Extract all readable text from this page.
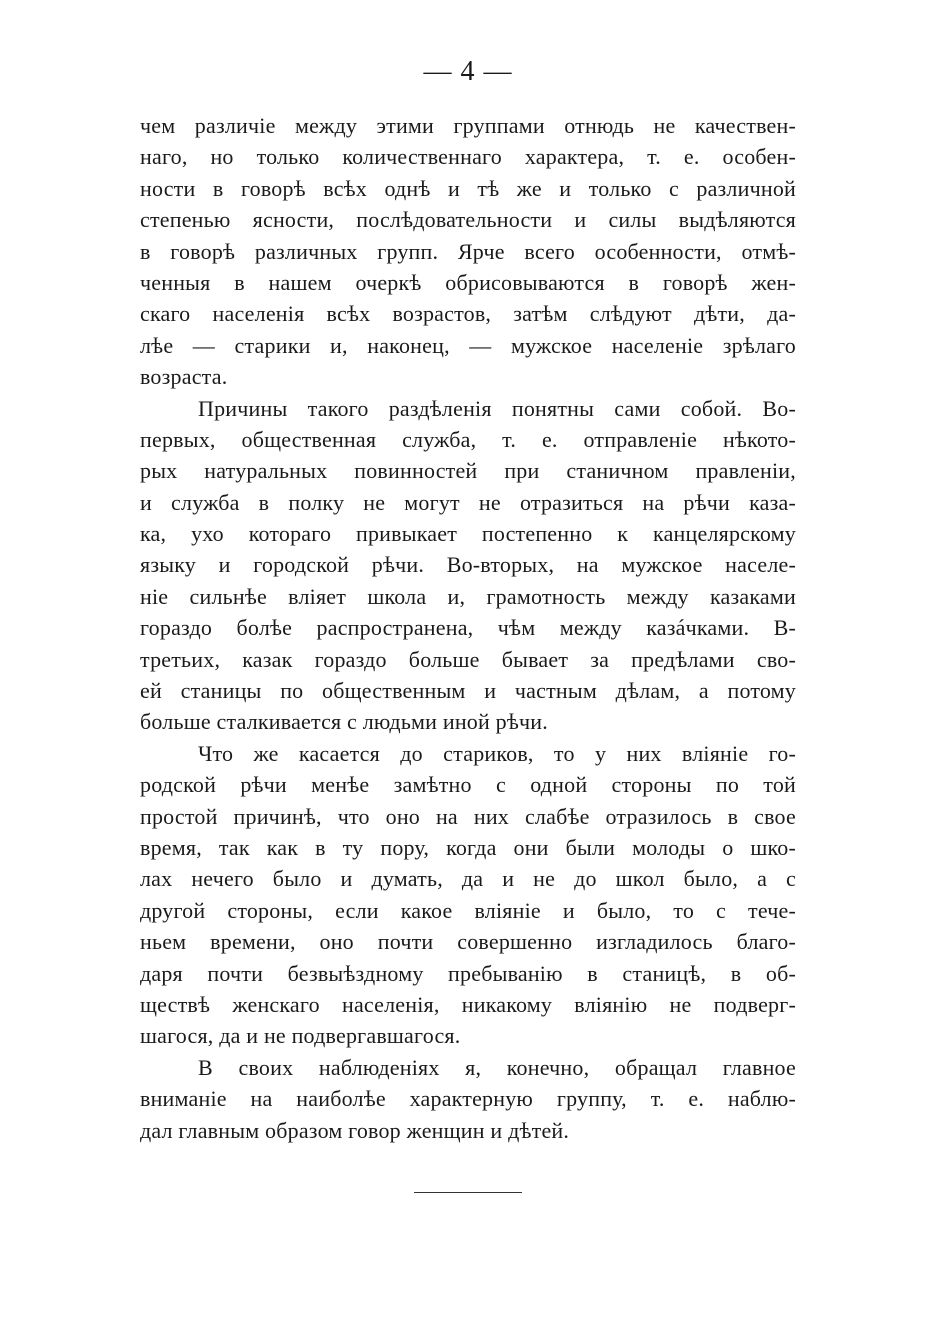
— 4 —
чем различіе между этими группами отнюдь не качествен-
наго, но только количественнаго характера, т. е. особен-
ности в говорѣ всѣх однѣ и тѣ же и только с различной
степенью ясности, послѣдовательности и силы выдѣляются
в говорѣ различных групп. Ярче всего особенности, отмѣ-
ченныя в нашем очеркѣ обрисовываются в говорѣ жен-
скаго населенія всѣх возрастов, затѣм слѣдуют дѣти, да-
лѣе — старики и, наконец, — мужское населеніе зрѣлаго
возраста.
Причины такого раздѣленія понятны сами собой. Во-
первых, общественная служба, т. е. отправленіе нѣкото-
рых натуральных повинностей при станичном правленіи,
и служба в полку не могут не отразиться на рѣчи каза-
ка, ухо котораго привыкает постепенно к канцелярскому
языку и городской рѣчи. Во-вторых, на мужское населе-
ніе сильнѣе вліяет школа и, грамотность между казаками
гораздо болѣе распространена, чѣм между казáчками. В-
третьих, казак гораздо больше бывает за предѣлами сво-
ей станицы по общественным и частным дѣлам, а потому
больше сталкивается с людьми иной рѣчи.
Что же касается до стариков, то у них вліяніе го-
родской рѣчи менѣе замѣтно с одной стороны по той
простой причинѣ, что оно на них слабѣе отразилось в свое
время, так как в ту пору, когда они были молоды о шко-
лах нечего было и думать, да и не до школ было, а с
другой стороны, если какое вліяніе и было, то с тече-
ньем времени, оно почти совершенно изгладилось благо-
даря почти безвыѣздному пребыванію в станицѣ, в об-
ществѣ женскаго населенія, никакому вліянію не подверг-
шагося, да и не подвергавшагося.
В своих наблюденіях я, конечно, обращал главное
вниманіе на наиболѣе характерную группу, т. е. наблю-
дал главным образом говор женщин и дѣтей.
